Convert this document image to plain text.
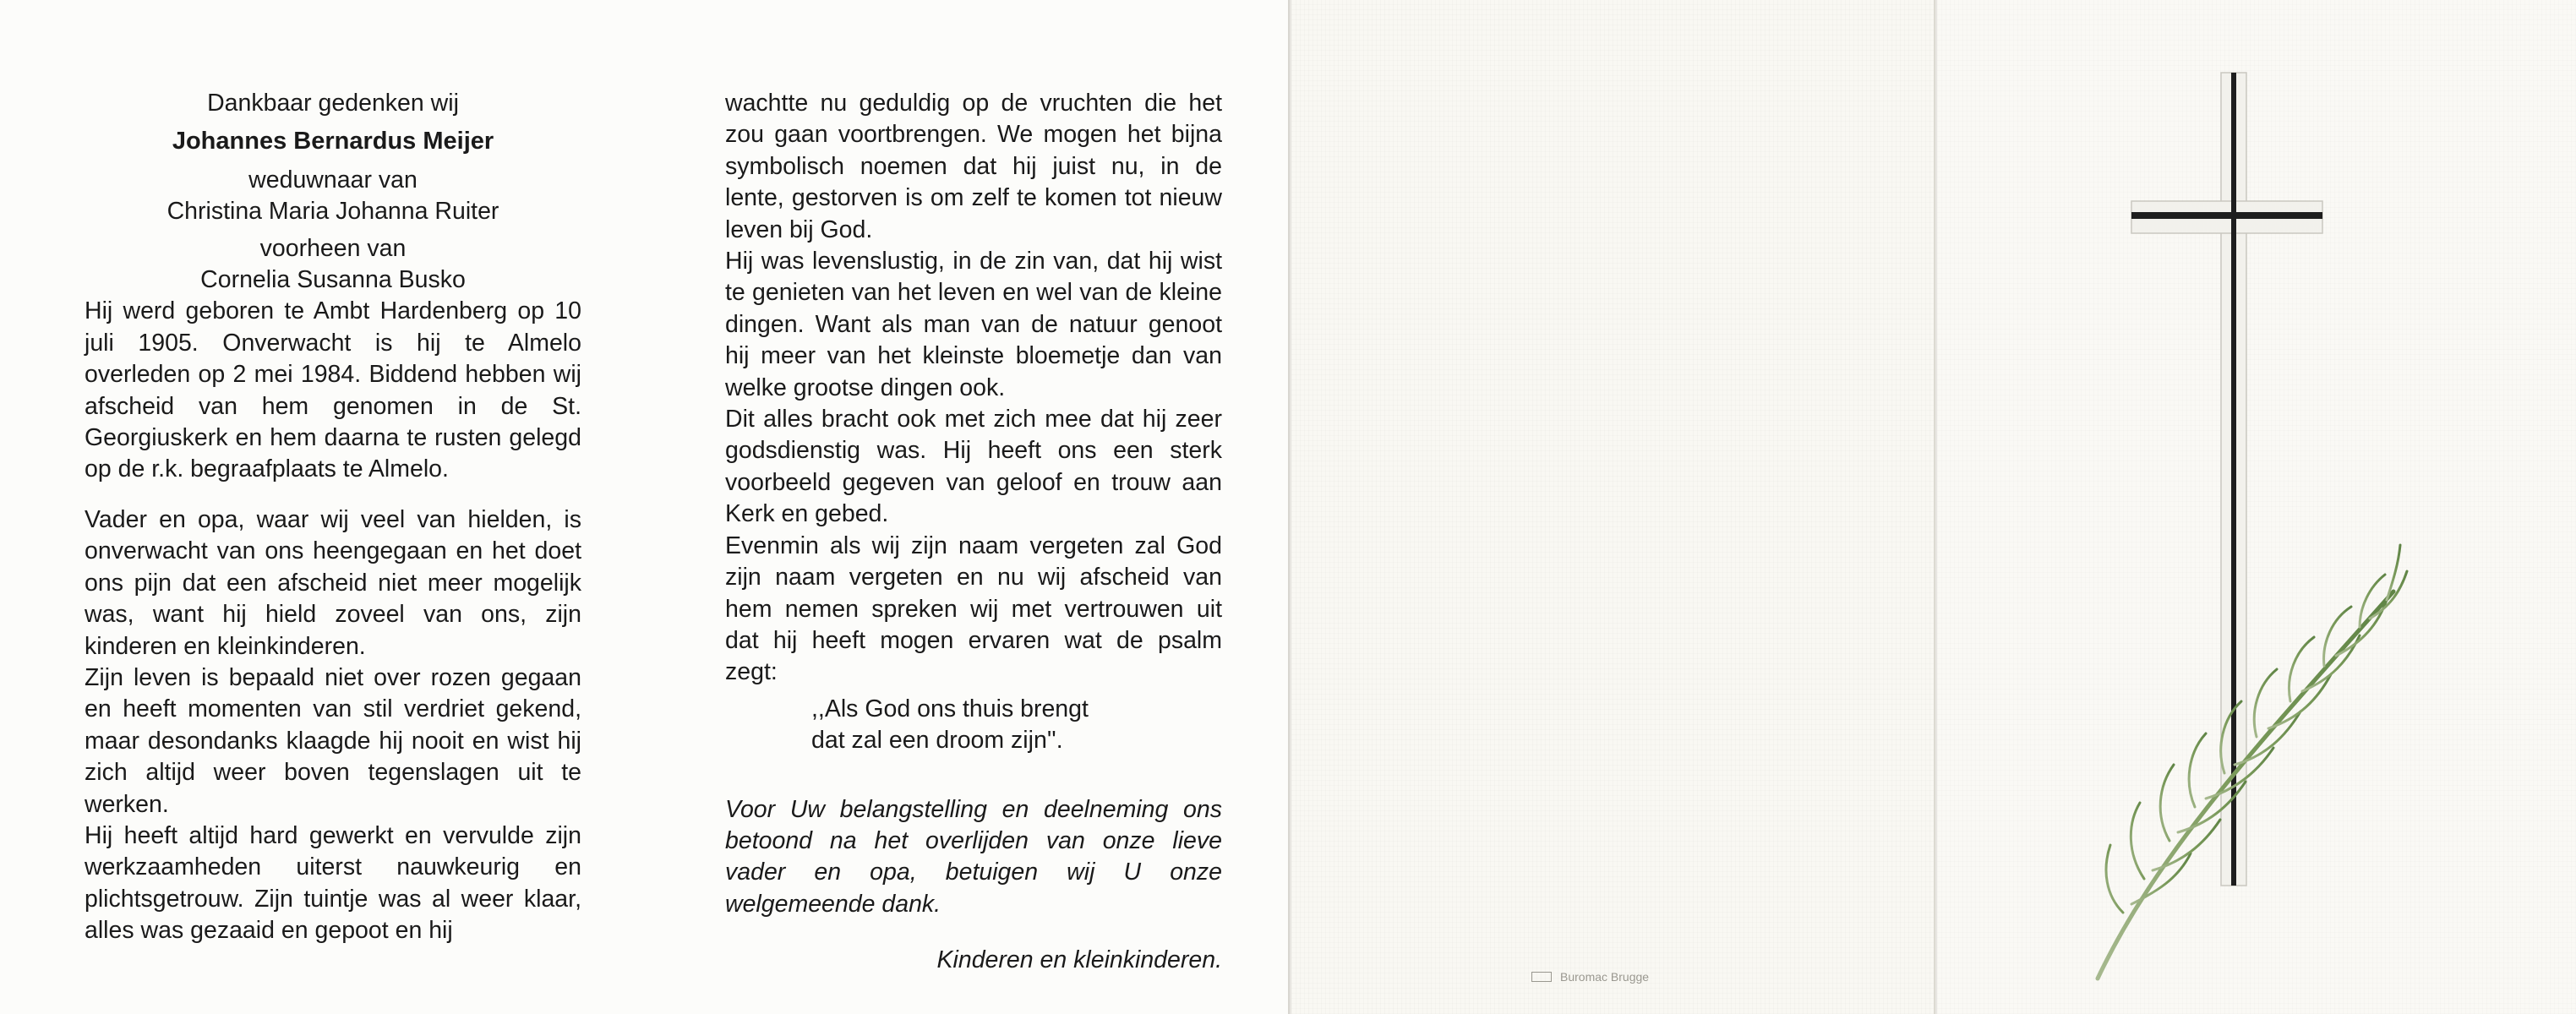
Dankbaar gedenken wij
Johannes Bernardus Meijer
weduwnaar van
Christina Maria Johanna Ruiter
voorheen van
Cornelia Susanna Busko

Hij werd geboren te Ambt Hardenberg op 10 juli 1905. Onverwacht is hij te Almelo overleden op 2 mei 1984. Biddend hebben wij afscheid van hem genomen in de St. Georgiuskerk en hem daarna te rusten gelegd op de r.k. begraafplaats te Almelo.

Vader en opa, waar wij veel van hielden, is onverwacht van ons heengegaan en het doet ons pijn dat een afscheid niet meer mogelijk was, want hij hield zoveel van ons, zijn kinderen en kleinkinderen.

Zijn leven is bepaald niet over rozen gegaan en heeft momenten van stil verdriet gekend, maar desondanks klaagde hij nooit en wist hij zich altijd weer boven tegenslagen uit te werken.

Hij heeft altijd hard gewerkt en vervulde zijn werkzaamheden uiterst nauwkeurig en plichtsgetrouw. Zijn tuintje was al weer klaar, alles was gezaaid en gepoot en hij

wachtte nu geduldig op de vruchten die het zou gaan voortbrengen. We mogen het bijna symbolisch noemen dat hij juist nu, in de lente, gestorven is om zelf te komen tot nieuw leven bij God.

Hij was levenslustig, in de zin van, dat hij wist te genieten van het leven en wel van de kleine dingen. Want als man van de natuur genoot hij meer van het kleinste bloemetje dan van welke grootse dingen ook.

Dit alles bracht ook met zich mee dat hij zeer godsdienstig was. Hij heeft ons een sterk voorbeeld gegeven van geloof en trouw aan Kerk en gebed.

Evenmin als wij zijn naam vergeten zal God zijn naam vergeten en nu wij afscheid van hem nemen spreken wij met vertrouwen uit dat hij heeft mogen ervaren wat de psalm zegt:

,,Als God ons thuis brengt
dat zal een droom zijn''.

Voor Uw belangstelling en deelneming ons betoond na het overlijden van onze lieve vader en opa, betuigen wij U onze welgemeende dank.

Kinderen en kleinkinderen.

Buromac Brugge
